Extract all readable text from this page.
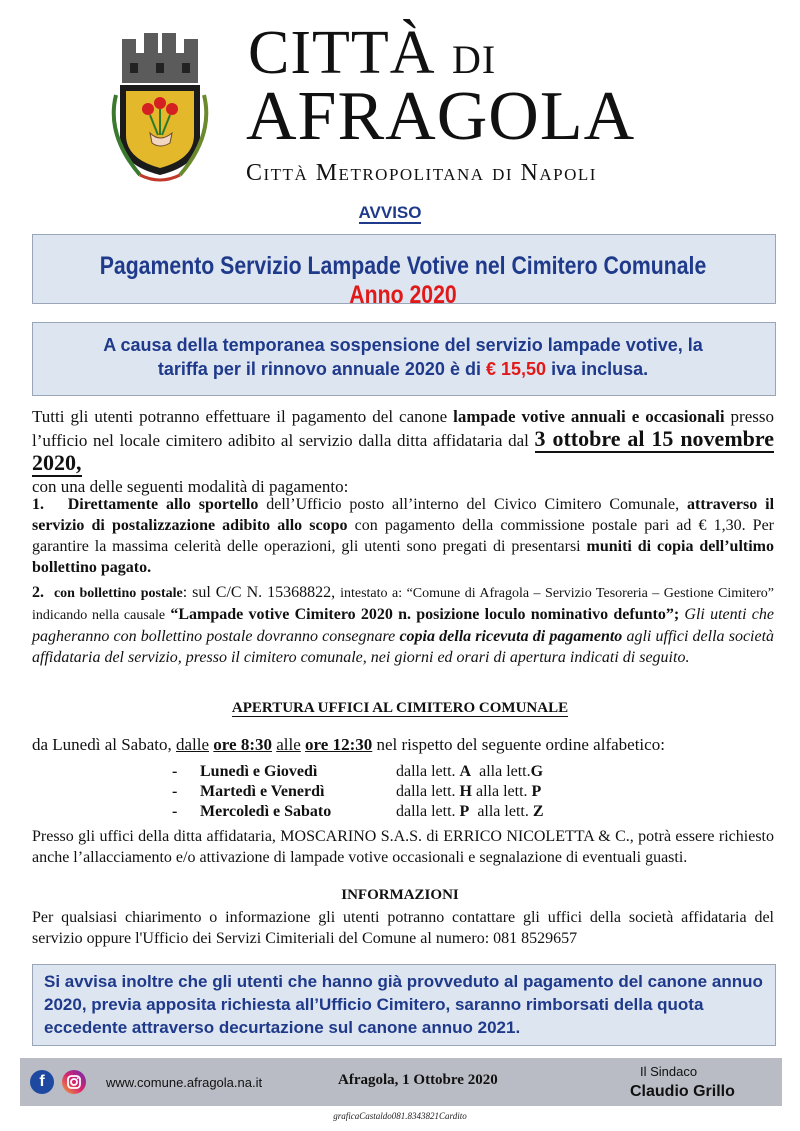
CITTÀ DI
AFRAGOLA
Città Metropolitana di Napoli
AVVISO
Pagamento Servizio Lampade Votive nel Cimitero Comunale Anno 2020
A causa della temporanea sospensione del servizio lampade votive, la
tariffa per il rinnovo annuale 2020 è di € 15,50 iva inclusa.
Tutti gli utenti potranno effettuare il pagamento del canone lampade votive annuali e occasionali presso l’ufficio nel locale cimitero adibito al servizio dalla ditta affidataria dal 3 ottobre al 15 novembre 2020,
con una delle seguenti modalità di pagamento:
1. Direttamente allo sportello dell’Ufficio posto all’interno del Civico Cimitero Comunale, attraverso il servizio di postalizzazione adibito allo scopo con pagamento della commissione postale pari ad € 1,30. Per garantire la massima celerità delle operazioni, gli utenti sono pregati di presentarsi muniti di copia dell’ultimo bollettino pagato.
2. con bollettino postale: sul C/C N. 15368822, intestato a: “Comune di Afragola – Servizio Tesoreria – Gestione Cimitero” indicando nella causale “Lampade votive Cimitero 2020 n. posizione loculo nominativo defunto”; Gli utenti che pagheranno con bollettino postale dovranno consegnare copia della ricevuta di pagamento agli uffici della società affidataria del servizio, presso il cimitero comunale, nei giorni ed orari di apertura indicati di seguito.
APERTURA UFFICI AL CIMITERO COMUNALE
da Lunedì al Sabato, dalle ore 8:30 alle ore 12:30 nel rispetto del seguente ordine alfabetico:
-	Lunedì e Giovedì	dalla lett. A alla lett.G
-	Martedì e Venerdì	dalla lett. H alla lett. P
-	Mercoledì e Sabato	dalla lett. P alla lett. Z
Presso gli uffici della ditta affidataria, MOSCARINO S.A.S. di ERRICO NICOLETTA & C., potrà essere richiesto anche l’allacciamento e/o attivazione di lampade votive occasionali e segnalazione di eventuali guasti.
INFORMAZIONI
Per qualsiasi chiarimento o informazione gli utenti potranno contattare gli uffici della società affidataria del servizio oppure l'Ufficio dei Servizi Cimiteriali del Comune al numero: 081 8529657
Si avvisa inoltre che gli utenti che hanno già provveduto al pagamento del canone annuo 2020, previa apposita richiesta all’Ufficio Cimitero, saranno rimborsati della quota eccedente attraverso decurtazione sul canone annuo 2021.
f	www.comune.afragola.na.it	Afragola, 1 Ottobre 2020
Il Sindaco
Claudio Grillo
graficaCastaldo081.8343821Cardito
